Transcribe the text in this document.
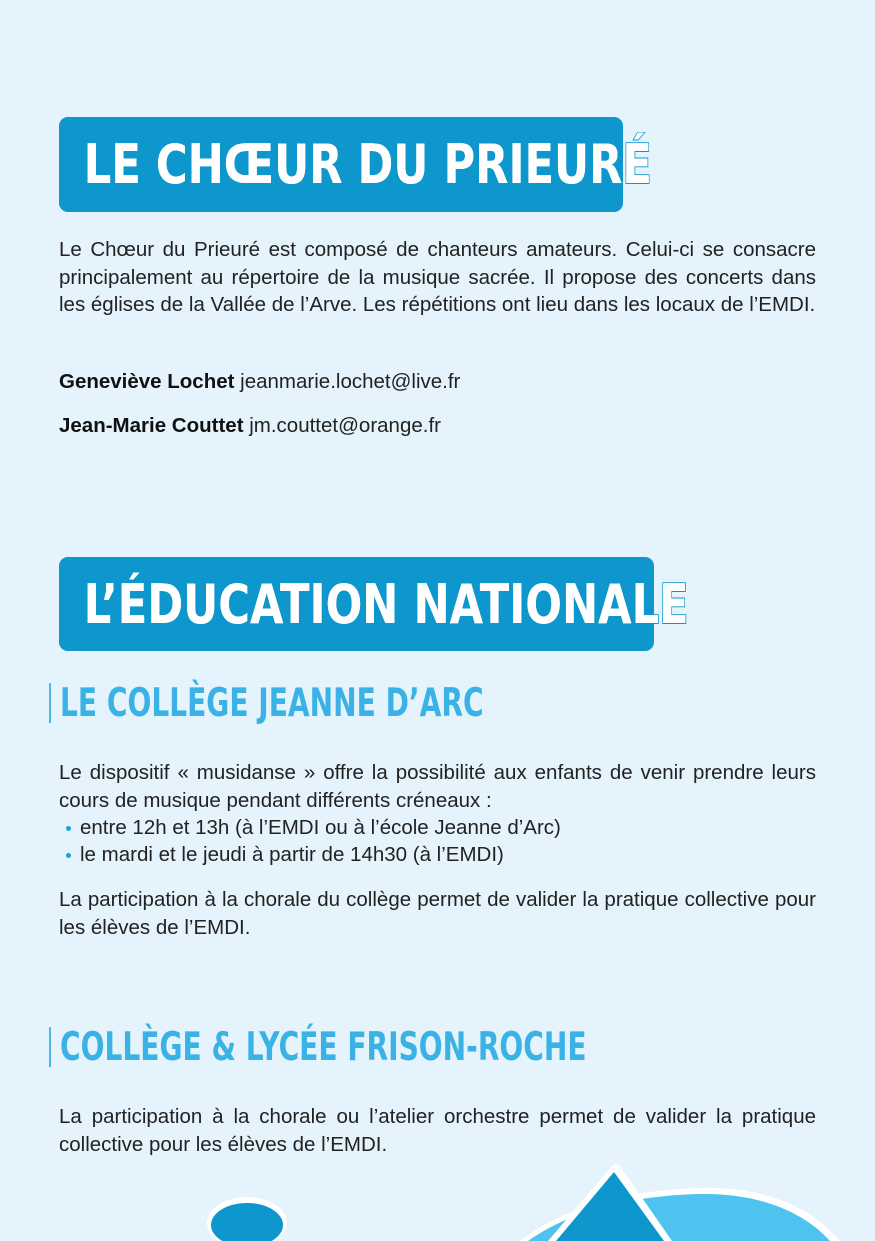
LE CHŒUR DU PRIEURÉ

Le Chœur du Prieuré est composé de chanteurs amateurs. Celui-ci se consacre principalement au répertoire de la musique sacrée. Il propose des concerts dans les églises de la Vallée de l’Arve. Les répétitions ont lieu dans les locaux de l’EMDI.

Geneviève Lochet jeanmarie.lochet@live.fr
Jean-Marie Couttet jm.couttet@orange.fr
L’ÉDUCATION NATIONALE
LE COLLÈGE JEANNE D’ARC

Le dispositif « musidanse » offre la possibilité aux enfants de venir prendre leurs cours de musique pendant différents créneaux :

entre 12h et 13h (à l’EMDI ou à l’école Jeanne d’Arc)
le mardi et le jeudi à partir de 14h30 (à l’EMDI)

La participation à la chorale du collège permet de valider la pratique collective pour les élèves de l’EMDI.

COLLÈGE & LYCÉE FRISON-ROCHE

La participation à la chorale ou l’atelier orchestre permet de valider la pratique collective pour les élèves de l’EMDI.
